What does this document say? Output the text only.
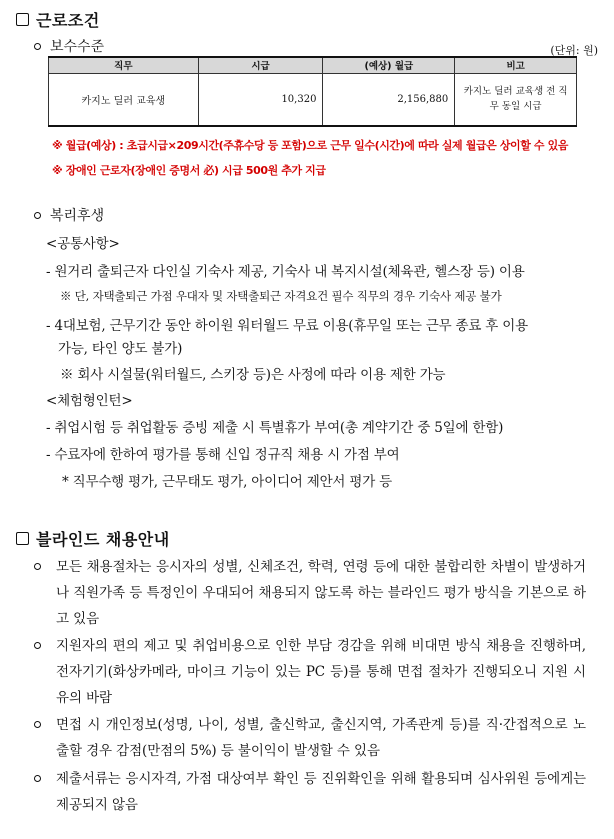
근로조건
보수수준	(단위: 원)
직무	시급	(예상) 월급	비고
카지노 딜러 교육생	10,320	2,156,880	카지노 딜러 교육생 전 직무 동일 시급
※ 월급(예상) : 초급시급×209시간(주휴수당 등 포함)으로 근무 일수(시간)에 따라 실제 월급은 상이할 수 있음
※ 장애인 근로자(장애인 증명서 必) 시급 500원 추가 지급
복리후생
<공통사항>
- 원거리 출퇴근자 다인실 기숙사 제공, 기숙사 내 복지시설(체육관, 헬스장 등) 이용
※ 단, 자택출퇴근 가점 우대자 및 자택출퇴근 자격요건 필수 직무의 경우 기숙사 제공 불가
- 4대보험, 근무기간 동안 하이원 워터월드 무료 이용(휴무일 또는 근무 종료 후 이용
가능, 타인 양도 불가)
※ 회사 시설물(워터월드, 스키장 등)은 사정에 따라 이용 제한 가능
<체험형인턴>
- 취업시험 등 취업활동 증빙 제출 시 특별휴가 부여(총 계약기간 중 5일에 한함)
- 수료자에 한하여 평가를 통해 신입 정규직 채용 시 가점 부여
* 직무수행 평가, 근무태도 평가, 아이디어 제안서 평가 등
블라인드 채용안내
모든 채용절차는 응시자의 성별, 신체조건, 학력, 연령 등에 대한 불합리한 차별이 발생하거나 직원가족 등 특정인이 우대되어 채용되지 않도록 하는 블라인드 평가 방식을 기본으로 하고 있음
지원자의 편의 제고 및 취업비용으로 인한 부담 경감을 위해 비대면 방식 채용을 진행하며, 전자기기(화상카메라, 마이크 기능이 있는 PC 등)를 통해 면접 절차가 진행되오니 지원 시 유의 바람
면접 시 개인정보(성명, 나이, 성별, 출신학교, 출신지역, 가족관계 등)를 직·간접적으로 노출할 경우 감점(만점의 5%) 등 불이익이 발생할 수 있음
제출서류는 응시자격, 가점 대상여부 확인 등 진위확인을 위해 활용되며 심사위원 등에게는 제공되지 않음
